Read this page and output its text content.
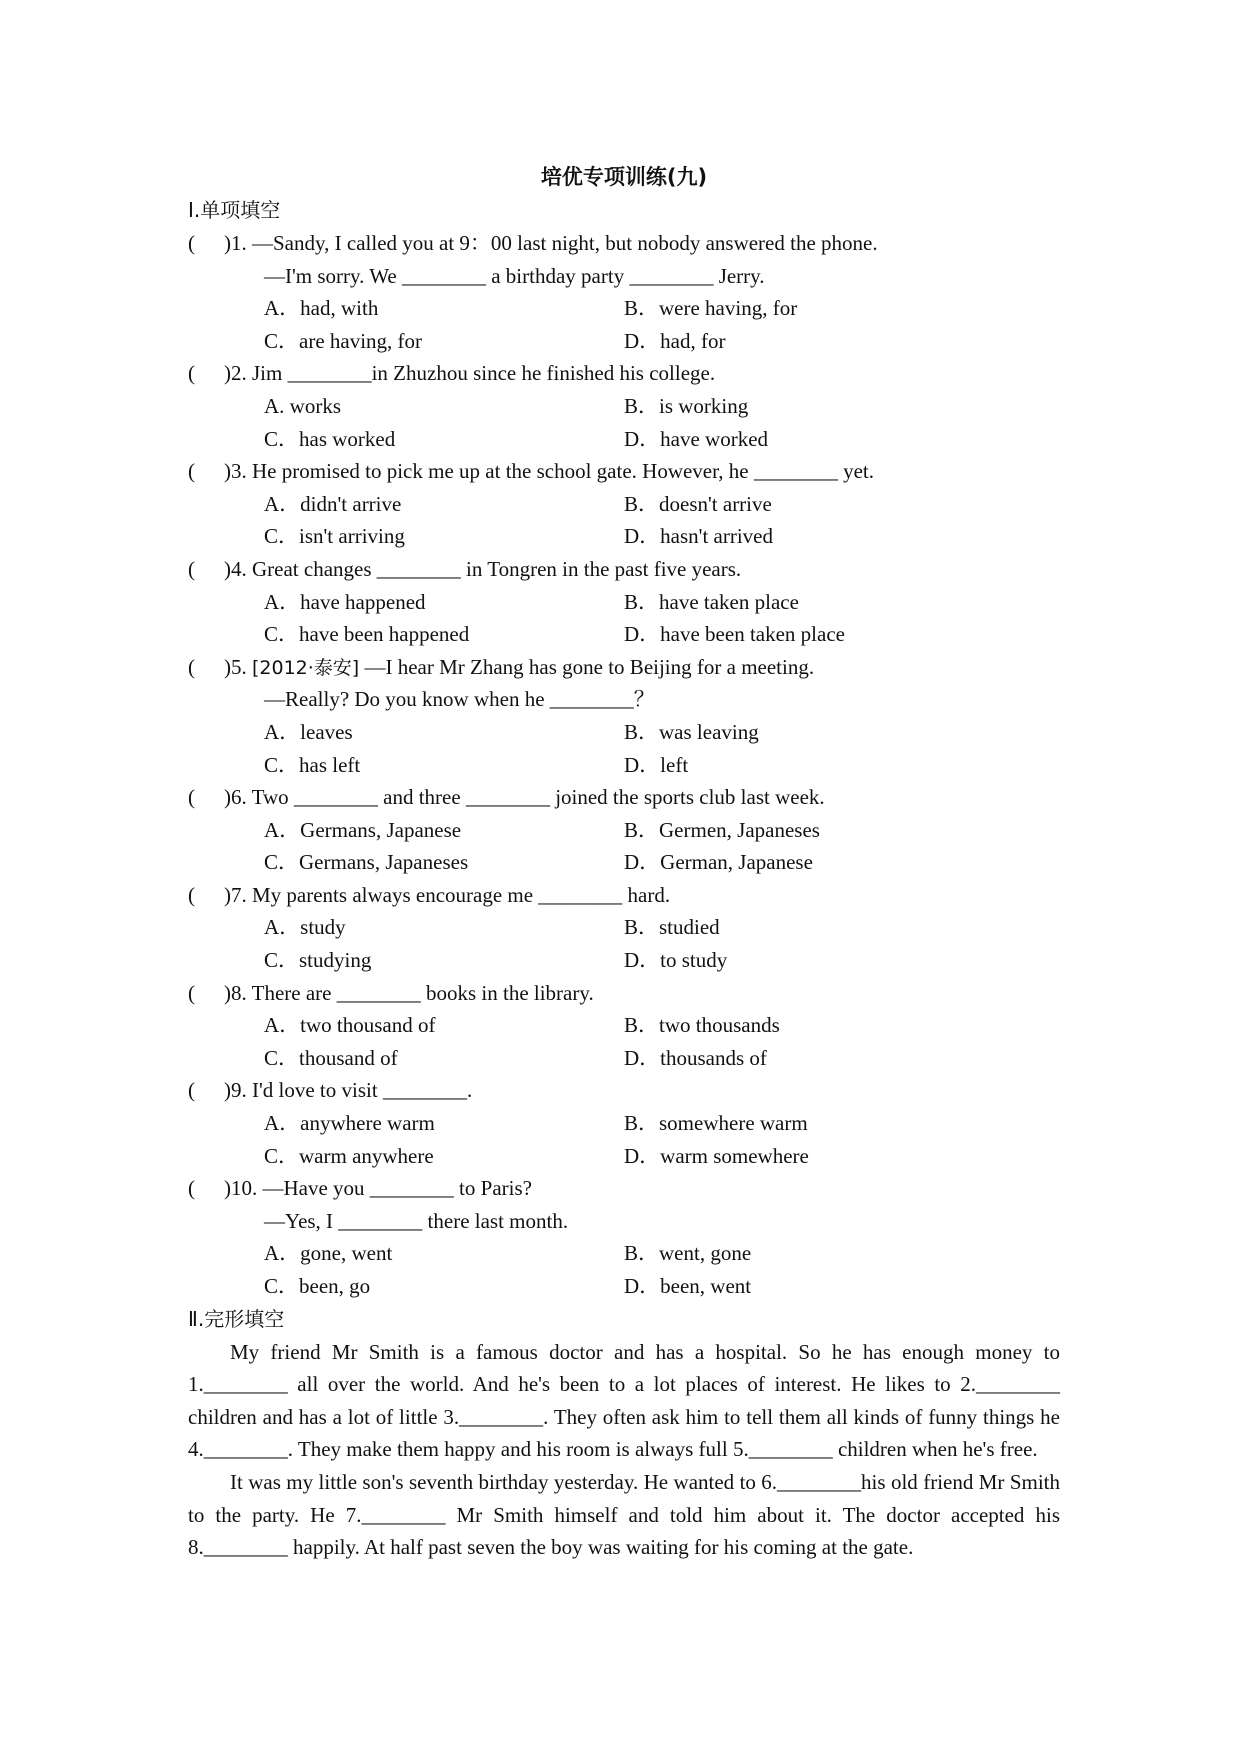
培优专项训练(九)
Ⅰ.单项填空
( )1. —Sandy, I called you at 9：00 last night, but nobody answered the phone.
—I'm sorry. We ________ a birthday party ________ Jerry.
A．had, with	B．were having, for
C．are having, for	D．had, for
( )2. Jim ________in Zhuzhou since he finished his college.
A. works	B．is working
C．has worked	D．have worked
( )3. He promised to pick me up at the school gate. However, he ________ yet.
A．didn't arrive	B．doesn't arrive
C．isn't arriving	D．hasn't arrived
( )4. Great changes ________ in Tongren in the past five years.
A．have happened	B．have taken place
C．have been happened	D．have been taken place
( )5. [2012·泰安] —I hear Mr Zhang has gone to Beijing for a meeting.
—Really? Do you know when he ________？
A．leaves	B．was leaving
C．has left	D．left
( )6. Two ________ and three ________ joined the sports club last week.
A．Germans, Japanese	B．Germen, Japaneses
C．Germans, Japaneses	D．German, Japanese
( )7. My parents always encourage me ________ hard.
A．study	B．studied
C．studying	D．to study
( )8. There are ________ books in the library.
A．two thousand of	B．two thousands
C．thousand of	D．thousands of
( )9. I'd love to visit ________.
A．anywhere warm	B．somewhere warm
C．warm anywhere	D．warm somewhere
( )10. —Have you ________ to Paris?
—Yes, I ________ there last month.
A．gone, went	B．went, gone
C．been, go	D．been, went
Ⅱ.完形填空

My friend Mr Smith is a famous doctor and has a hospital. So he has enough money to 1.________ all over the world. And he's been to a lot places of interest. He likes to 2.________ children and has a lot of little 3.________. They often ask him to tell them all kinds of funny things he 4.________. They make them happy and his room is always full 5.________ children when he's free.

It was my little son's seventh birthday yesterday. He wanted to 6.________his old friend Mr Smith to the party. He 7.________ Mr Smith himself and told him about it. The doctor accepted his 8.________ happily. At half past seven the boy was waiting for his coming at the gate.
